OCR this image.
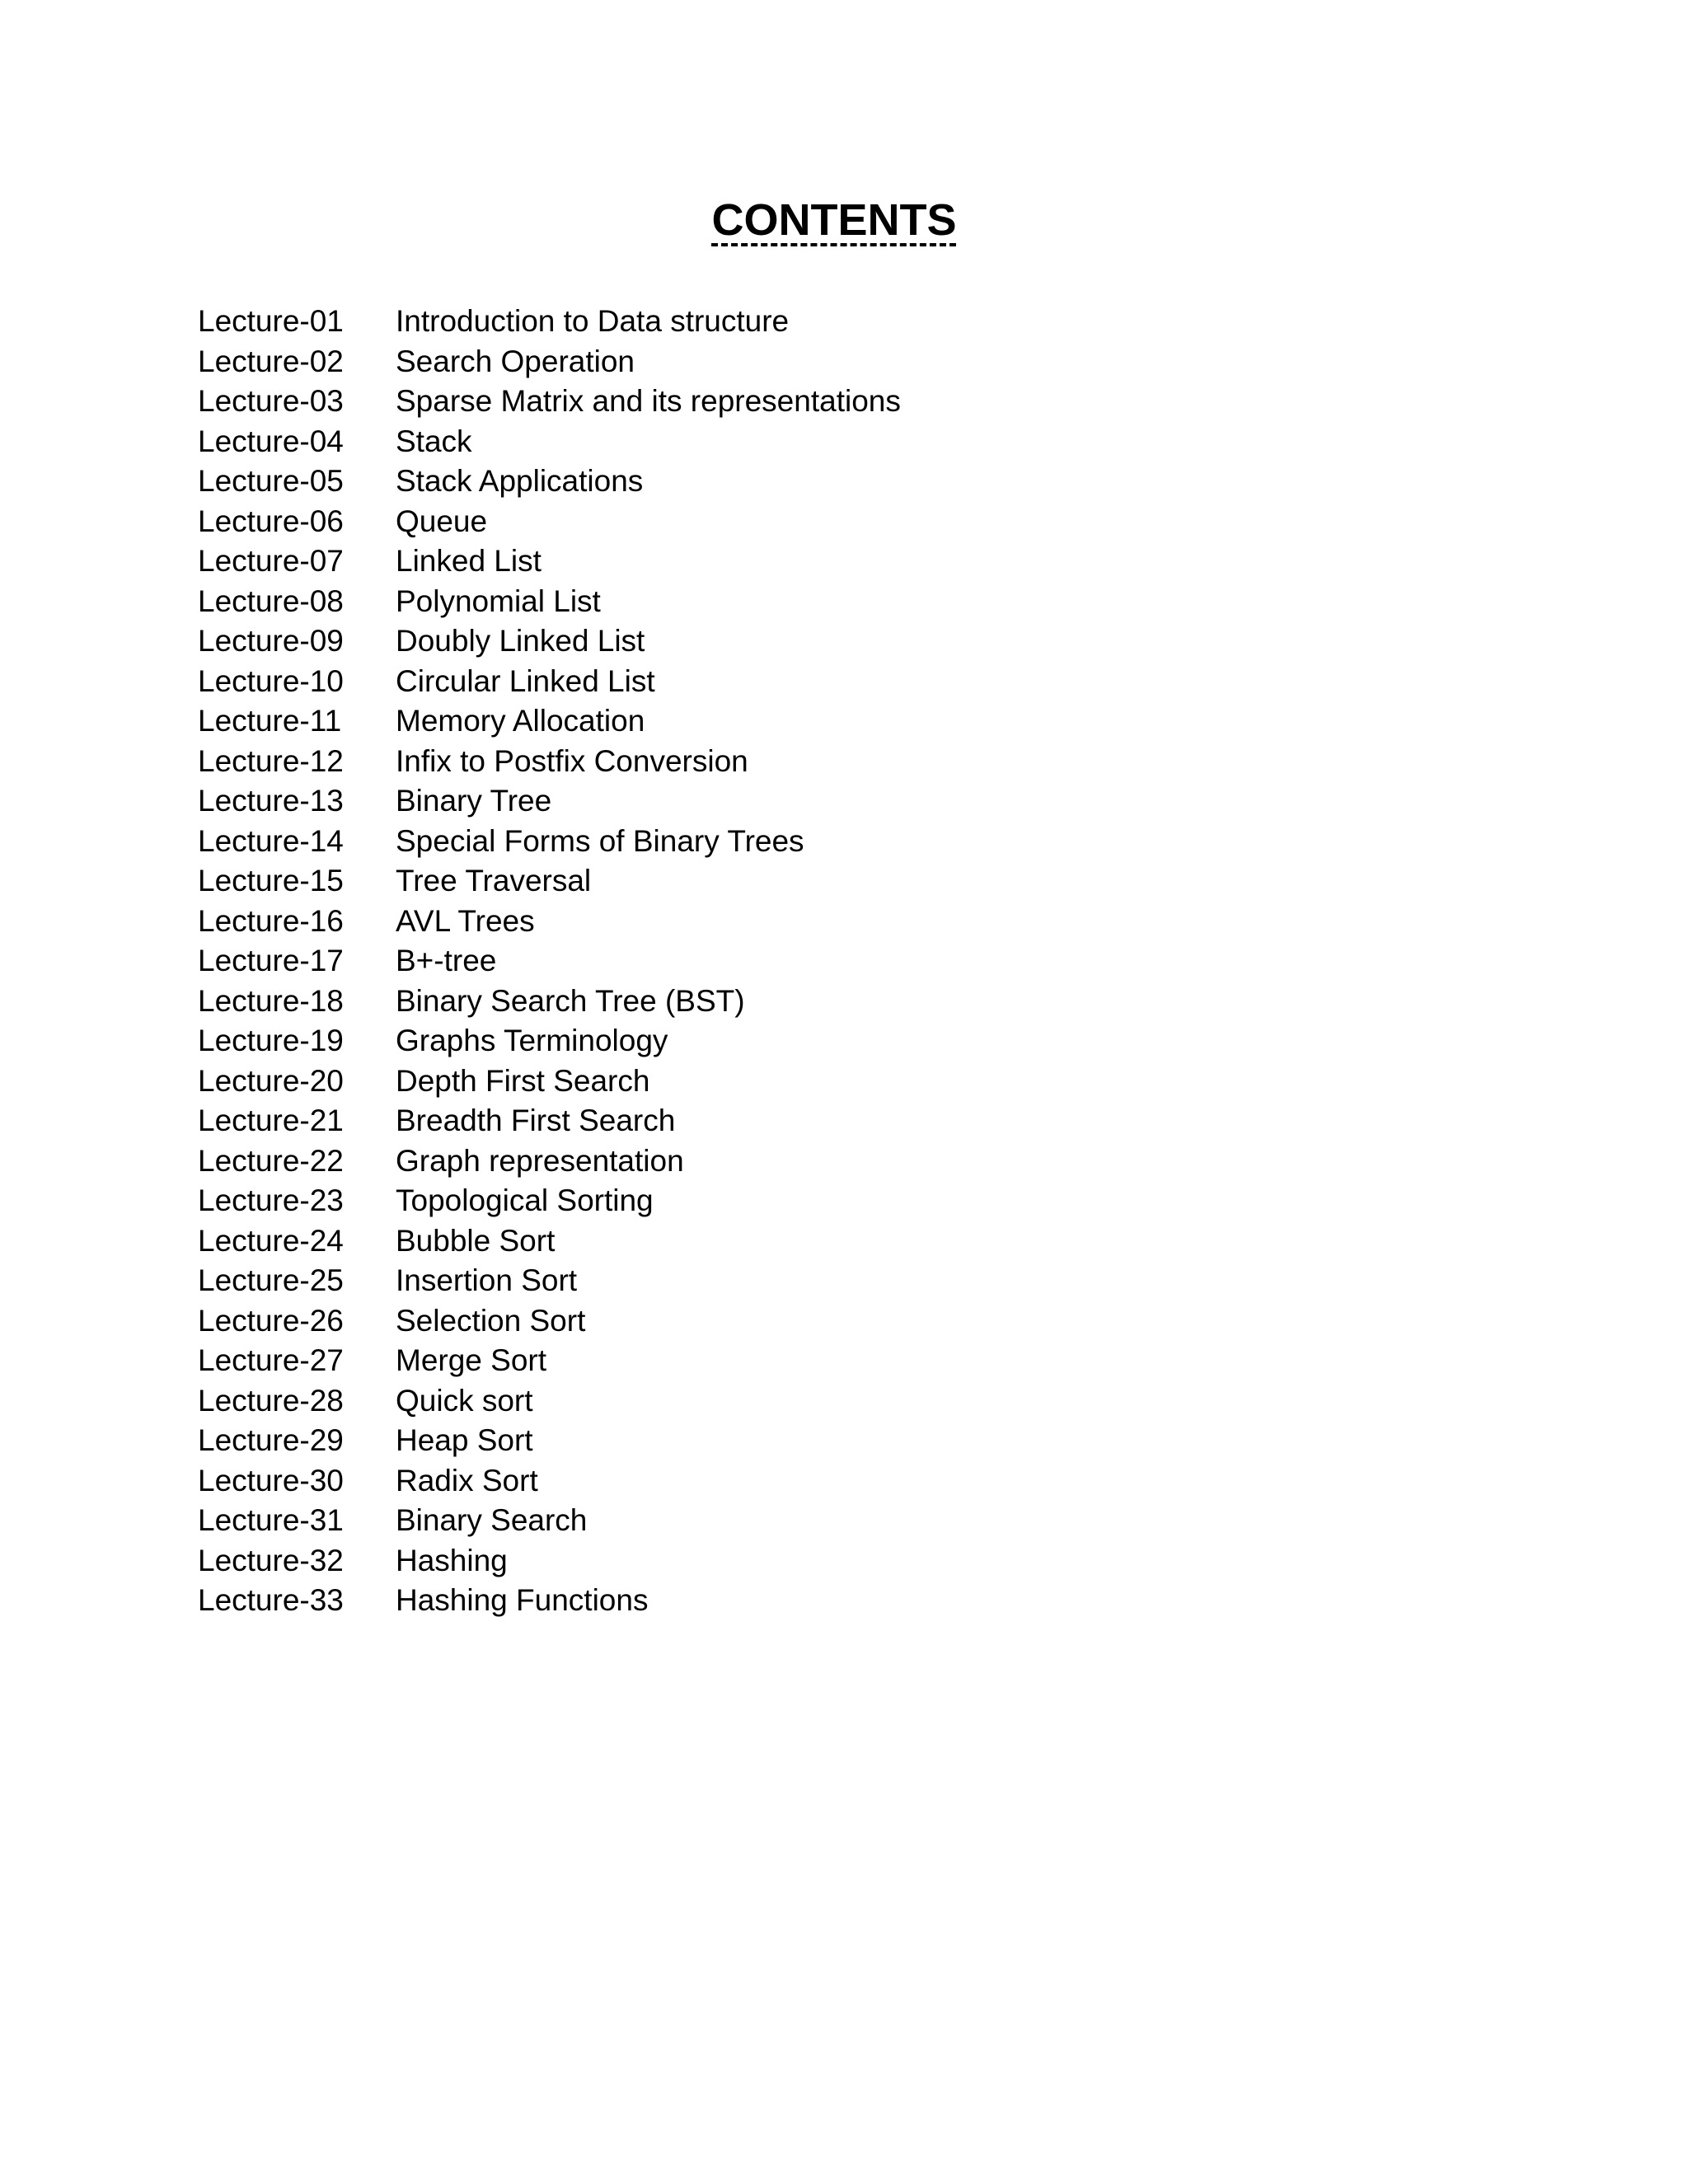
CONTENTS
Lecture-01	Introduction to Data structure
Lecture-02	Search Operation
Lecture-03	Sparse Matrix and its representations
Lecture-04	Stack
Lecture-05	Stack Applications
Lecture-06	Queue
Lecture-07	Linked List
Lecture-08	Polynomial List
Lecture-09	Doubly Linked List
Lecture-10	Circular Linked List
Lecture-11	Memory Allocation
Lecture-12	Infix to Postfix Conversion
Lecture-13	Binary Tree
Lecture-14	Special Forms of Binary Trees
Lecture-15	Tree Traversal
Lecture-16	AVL Trees
Lecture-17	B+-tree
Lecture-18	Binary Search Tree (BST)
Lecture-19	Graphs Terminology
Lecture-20	Depth First Search
Lecture-21	Breadth First Search
Lecture-22	Graph representation
Lecture-23	Topological Sorting
Lecture-24	Bubble Sort
Lecture-25	Insertion Sort
Lecture-26	Selection Sort
Lecture-27	Merge Sort
Lecture-28	Quick sort
Lecture-29	Heap Sort
Lecture-30	Radix Sort
Lecture-31	Binary Search
Lecture-32	Hashing
Lecture-33	Hashing Functions
